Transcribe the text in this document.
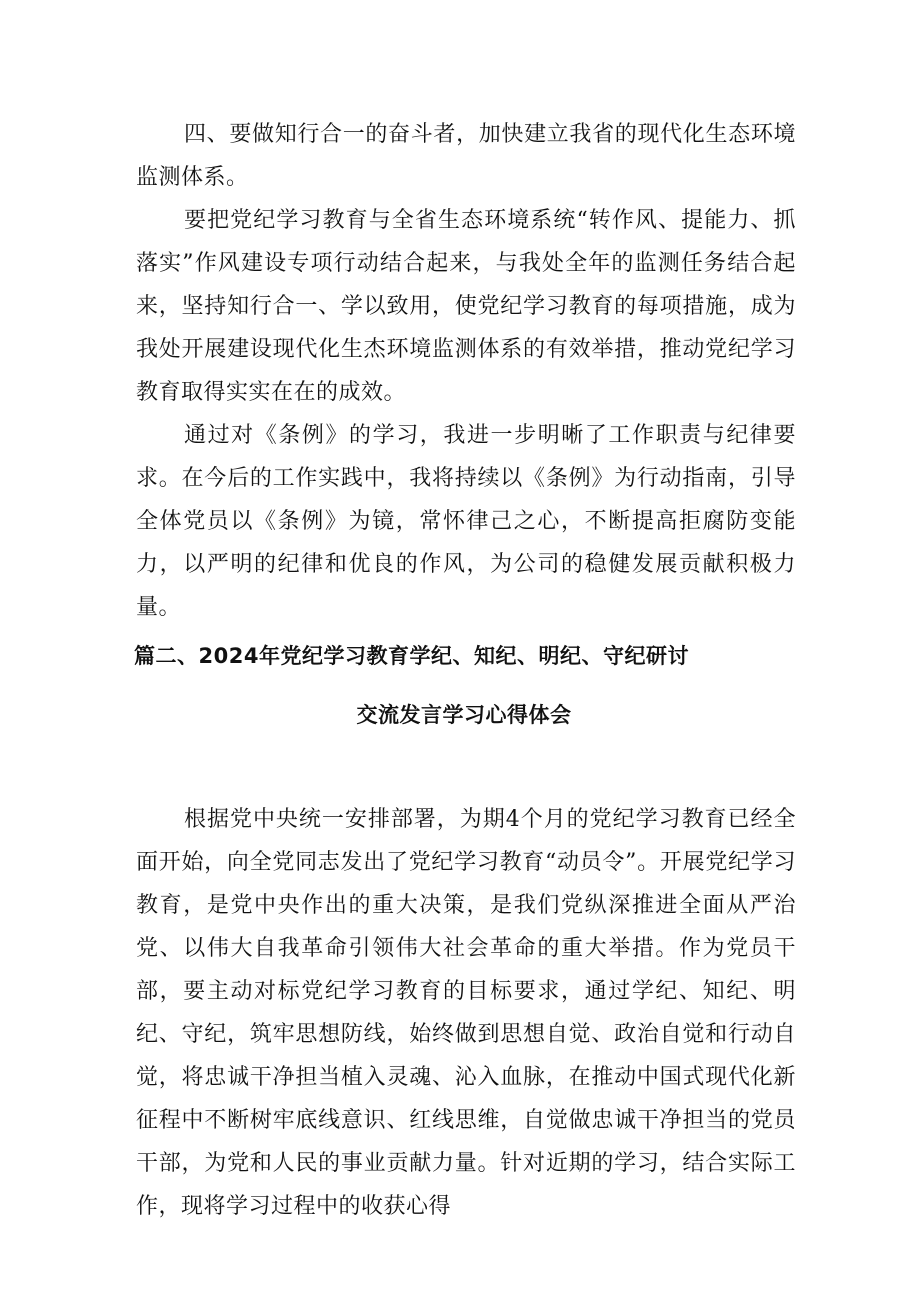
四、要做知行合一的奋斗者，加快建立我省的现代化生态环境监测体系。

要把党纪学习教育与全省生态环境系统“转作风、提能力、抓落实”作风建设专项行动结合起来，与我处全年的监测任务结合起来，坚持知行合一、学以致用，使党纪学习教育的每项措施，成为我处开展建设现代化生杰环境监测体系的有效举措，推动党纪学习教育取得实实在在的成效。

通过对《条例》的学习，我进一步明晰了工作职责与纪律要求。在今后的工作实践中，我将持续以《条例》为行动指南，引导全体党员以《条例》为镜，常怀律己之心，不断提高拒腐防变能力，以严明的纪律和优良的作风，为公司的稳健发展贡献积极力量。

篇二、2024年党纪学习教育学纪、知纪、明纪、守纪研讨
交流发言学习心得体会

根据党中央统一安排部署，为期4个月的党纪学习教育已经全面开始，向全党同志发出了党纪学习教育“动员令”。开展党纪学习教育，是党中央作出的重大决策，是我们党纵深推进全面从严治党、以伟大自我革命引领伟大社会革命的重大举措。作为党员干部，要主动对标党纪学习教育的目标要求，通过学纪、知纪、明纪、守纪，筑牢思想防线，始终做到思想自觉、政治自觉和行动自觉，将忠诚干净担当植入灵魂、沁入血脉，在推动中国式现代化新征程中不断树牢底线意识、红线思维，自觉做忠诚干净担当的党员干部，为党和人民的事业贡献力量。针对近期的学习，结合实际工作，现将学习过程中的收获心得
